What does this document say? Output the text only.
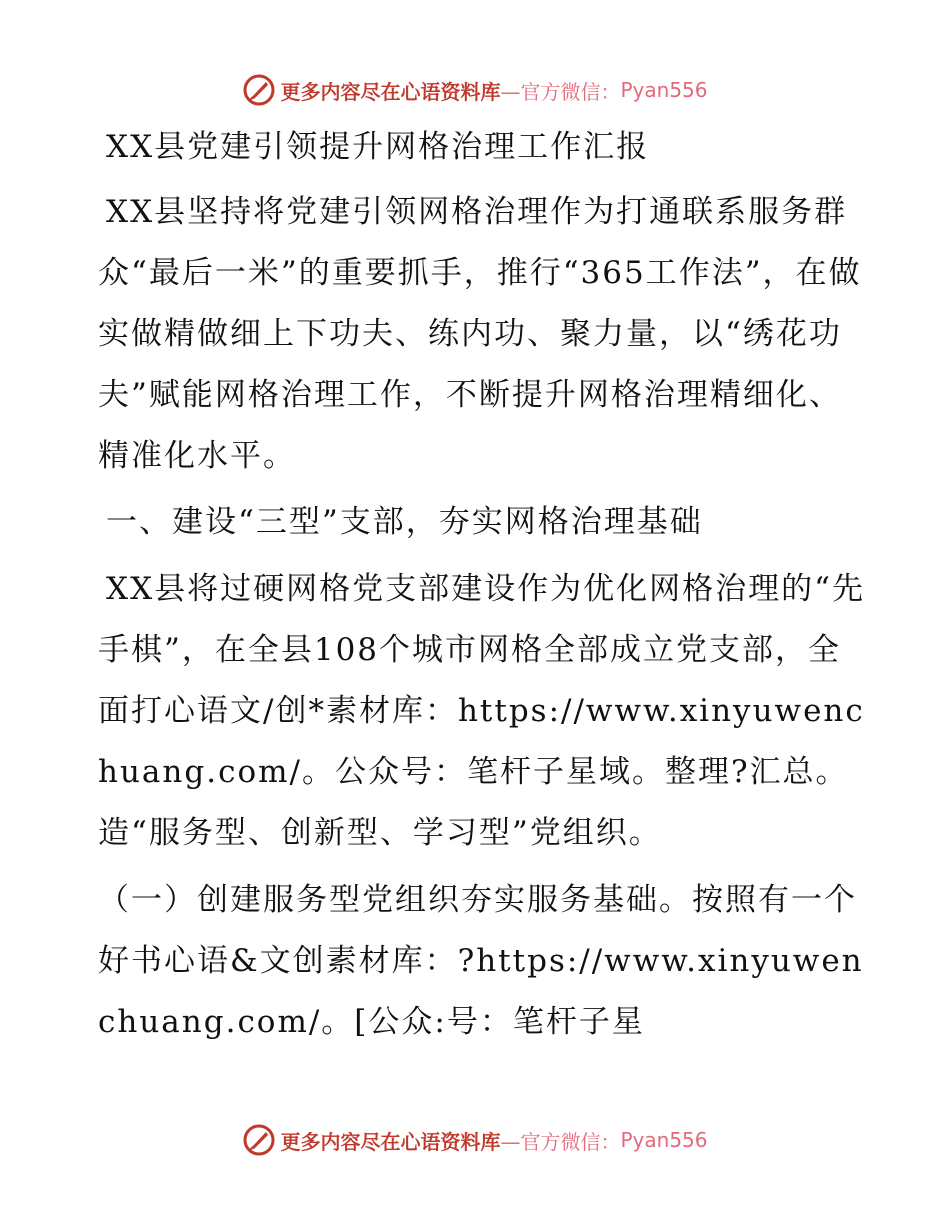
更多内容尽在心语资料库 —官方微信： Pyan556
XX县党建引领提升网格治理工作汇报

XX县坚持将党建引领网格治理作为打通联系服务群众“最后一米”的重要抓手，推行“365工作法”，在做实做精做细上下功夫、练内功、聚力量，以“绣花功夫”赋能网格治理工作，不断提升网格治理精细化、精准化水平。

一、建设“三型”支部，夯实网格治理基础

XX县将过硬网格党支部建设作为优化网格治理的“先手棋”，在全县108个城市网格全部成立党支部，全面打心语文/创*素材库：https://www.xinyuwenchuang.com/。公众号：笔杆子星域。整理?汇总。造“服务型、创新型、学习型”党组织。

（一）创建服务型党组织夯实服务基础。按照有一个好书心语&文创素材库：?https://www.xinyuwenchuang.com/。[公众:号：笔杆子星

更多内容尽在心语资料库 —官方微信： Pyan556
